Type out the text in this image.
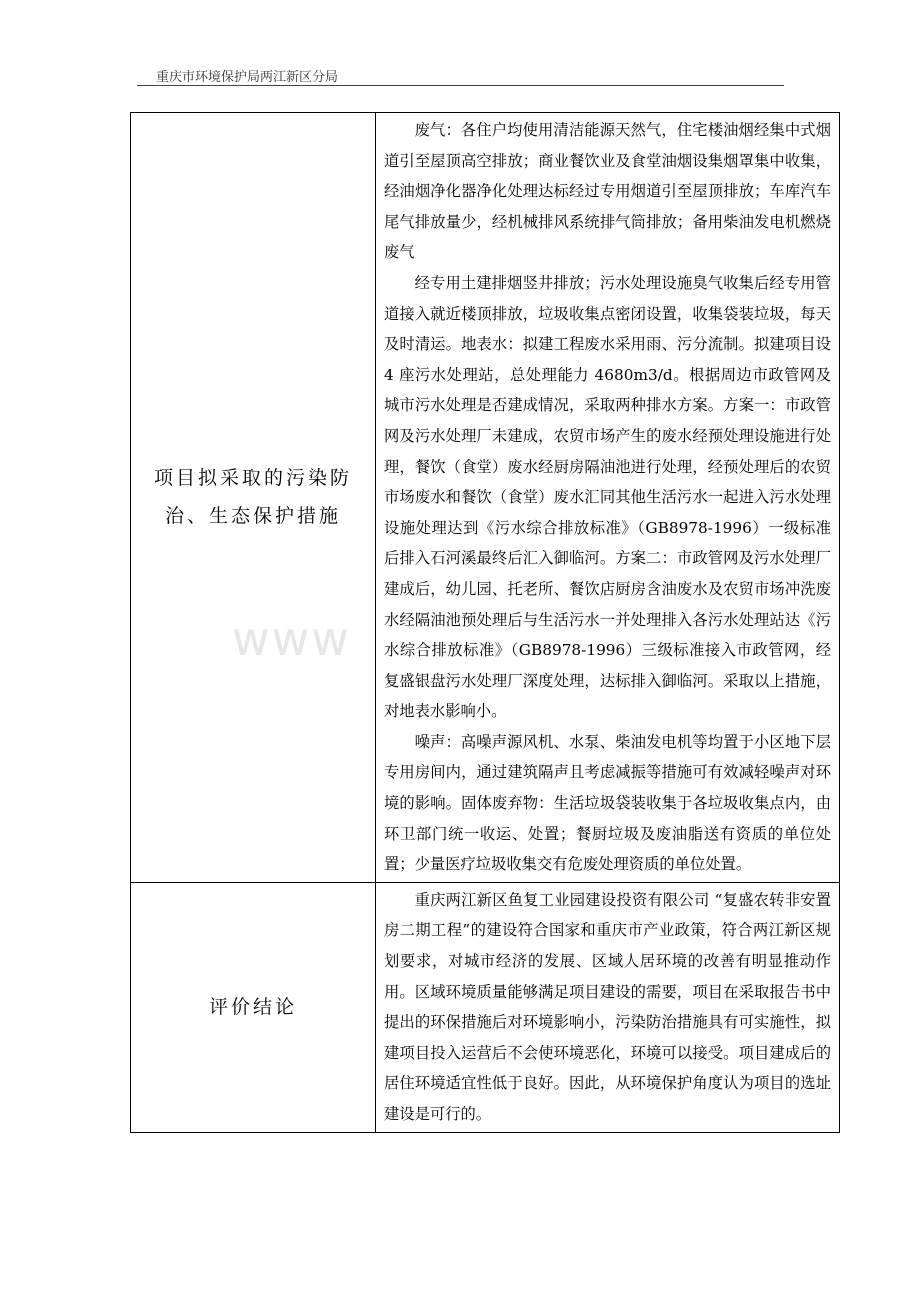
重庆市环境保护局两江新区分局
www
项目拟采取的污染防治、生态保护措施	废气：各住户均使用清洁能源天然气，住宅楼油烟经集中式烟道引至屋顶高空排放；商业餐饮业及食堂油烟设集烟罩集中收集，经油烟净化器净化处理达标经过专用烟道引至屋顶排放；车库汽车尾气排放量少，经机械排风系统排气筒排放；备用柴油发电机燃烧废气

经专用土建排烟竖井排放；污水处理设施臭气收集后经专用管道接入就近楼顶排放，垃圾收集点密闭设置，收集袋装垃圾，每天及时清运。地表水：拟建工程废水采用雨、污分流制。拟建项目设 4 座污水处理站，总处理能力 4680m3/d。根据周边市政管网及城市污水处理是否建成情况，采取两种排水方案。方案一：市政管网及污水处理厂未建成，农贸市场产生的废水经预处理设施进行处理，餐饮（食堂）废水经厨房隔油池进行处理，经预处理后的农贸市场废水和餐饮（食堂）废水汇同其他生活污水一起进入污水处理设施处理达到《污水综合排放标准》（GB8978-1996）一级标准后排入石河溪最终后汇入御临河。方案二：市政管网及污水处理厂建成后，幼儿园、托老所、餐饮店厨房含油废水及农贸市场冲洗废水经隔油池预处理后与生活污水一并处理排入各污水处理站达《污水综合排放标准》（GB8978-1996）三级标准接入市政管网，经复盛银盘污水处理厂深度处理，达标排入御临河。采取以上措施，对地表水影响小。

噪声：高噪声源风机、水泵、柴油发电机等均置于小区地下层专用房间内，通过建筑隔声且考虑减振等措施可有效减轻噪声对环境的影响。固体废弃物：生活垃圾袋装收集于各垃圾收集点内，由环卫部门统一收运、处置；餐厨垃圾及废油脂送有资质的单位处置；少量医疗垃圾收集交有危废处理资质的单位处置。

评价结论	重庆两江新区鱼复工业园建设投资有限公司 “复盛农转非安置房二期工程”的建设符合国家和重庆市产业政策，符合两江新区规划要求，对城市经济的发展、区域人居环境的改善有明显推动作用。区域环境质量能够满足项目建设的需要，项目在采取报告书中提出的环保措施后对环境影响小，污染防治措施具有可实施性，拟建项目投入运营后不会使环境恶化，环境可以接受。项目建成后的居住环境适宜性低于良好。因此，从环境保护角度认为项目的选址建设是可行的。
